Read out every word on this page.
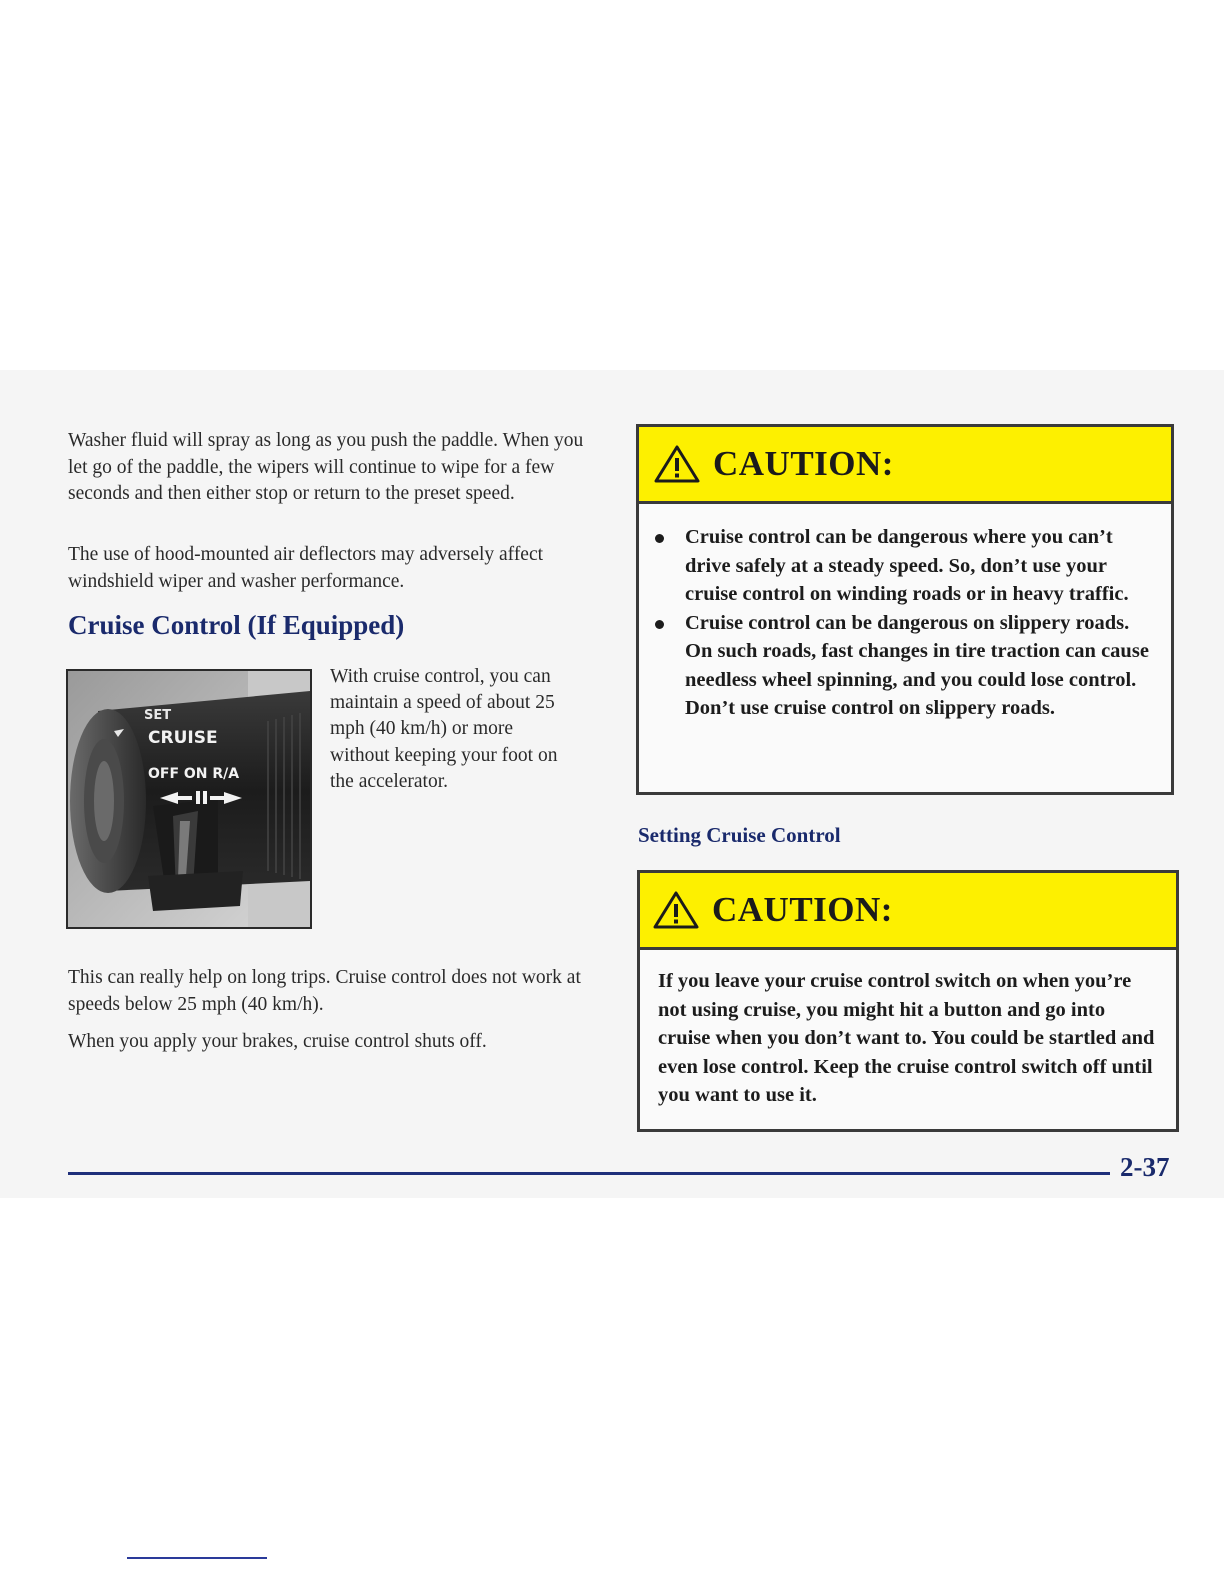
Washer fluid will spray as long as you push the paddle. When you let go of the paddle, the wipers will continue to wipe for a few seconds and then either stop or return to the preset speed.

The use of hood-mounted air deflectors may adversely affect windshield wiper and washer performance.

Cruise Control (If Equipped)
SET
CRUISE
OFF ON R/A

With cruise control, you can maintain a speed of about 25 mph (40 km/h) or more without keeping your foot on the accelerator.

This can really help on long trips. Cruise control does not work at speeds below 25 mph (40 km/h).

When you apply your brakes, cruise control shuts off.

CAUTION:
Cruise control can be dangerous where you can’t drive safely at a steady speed. So, don’t use your cruise control on winding roads or in heavy traffic.
Cruise control can be dangerous on slippery roads. On such roads, fast changes in tire traction can cause needless wheel spinning, and you could lose control. Don’t use cruise control on slippery roads.
Setting Cruise Control
CAUTION:
If you leave your cruise control switch on when you’re not using cruise, you might hit a button and go into cruise when you don’t want to. You could be startled and even lose control. Keep the cruise control switch off until you want to use it.
2-37
